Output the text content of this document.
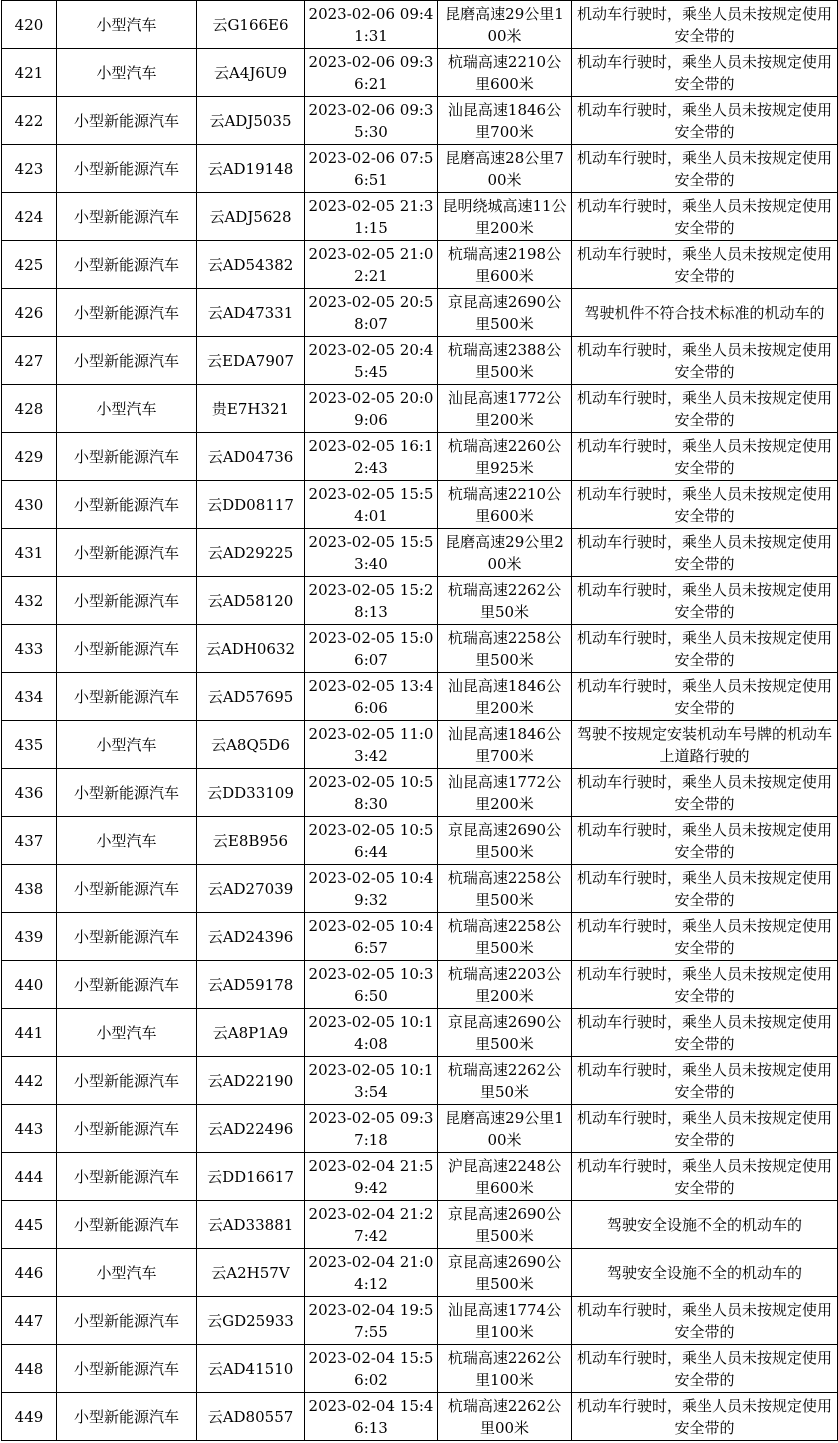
420	小型汽车	云G166E6	2023-02-06 09:41:31	昆磨高速29公里100米	机动车行驶时，乘坐人员未按规定使用安全带的
421	小型汽车	云A4J6U9	2023-02-06 09:36:21	杭瑞高速2210公里600米	机动车行驶时，乘坐人员未按规定使用安全带的
422	小型新能源汽车	云ADJ5035	2023-02-06 09:35:30	汕昆高速1846公里700米	机动车行驶时，乘坐人员未按规定使用安全带的
423	小型新能源汽车	云AD19148	2023-02-06 07:56:51	昆磨高速28公里700米	机动车行驶时，乘坐人员未按规定使用安全带的
424	小型新能源汽车	云ADJ5628	2023-02-05 21:31:15	昆明绕城高速11公里200米	机动车行驶时，乘坐人员未按规定使用安全带的
425	小型新能源汽车	云AD54382	2023-02-05 21:02:21	杭瑞高速2198公里600米	机动车行驶时，乘坐人员未按规定使用安全带的
426	小型新能源汽车	云AD47331	2023-02-05 20:58:07	京昆高速2690公里500米	驾驶机件不符合技术标准的机动车的
427	小型新能源汽车	云EDA7907	2023-02-05 20:45:45	杭瑞高速2388公里500米	机动车行驶时，乘坐人员未按规定使用安全带的
428	小型汽车	贵E7H321	2023-02-05 20:09:06	汕昆高速1772公里200米	机动车行驶时，乘坐人员未按规定使用安全带的
429	小型新能源汽车	云AD04736	2023-02-05 16:12:43	杭瑞高速2260公里925米	机动车行驶时，乘坐人员未按规定使用安全带的
430	小型新能源汽车	云DD08117	2023-02-05 15:54:01	杭瑞高速2210公里600米	机动车行驶时，乘坐人员未按规定使用安全带的
431	小型新能源汽车	云AD29225	2023-02-05 15:53:40	昆磨高速29公里200米	机动车行驶时，乘坐人员未按规定使用安全带的
432	小型新能源汽车	云AD58120	2023-02-05 15:28:13	杭瑞高速2262公里50米	机动车行驶时，乘坐人员未按规定使用安全带的
433	小型新能源汽车	云ADH0632	2023-02-05 15:06:07	杭瑞高速2258公里500米	机动车行驶时，乘坐人员未按规定使用安全带的
434	小型新能源汽车	云AD57695	2023-02-05 13:46:06	汕昆高速1846公里200米	机动车行驶时，乘坐人员未按规定使用安全带的
435	小型汽车	云A8Q5D6	2023-02-05 11:03:42	汕昆高速1846公里700米	驾驶不按规定安装机动车号牌的机动车上道路行驶的
436	小型新能源汽车	云DD33109	2023-02-05 10:58:30	汕昆高速1772公里200米	机动车行驶时，乘坐人员未按规定使用安全带的
437	小型汽车	云E8B956	2023-02-05 10:56:44	京昆高速2690公里500米	机动车行驶时，乘坐人员未按规定使用安全带的
438	小型新能源汽车	云AD27039	2023-02-05 10:49:32	杭瑞高速2258公里500米	机动车行驶时，乘坐人员未按规定使用安全带的
439	小型新能源汽车	云AD24396	2023-02-05 10:46:57	杭瑞高速2258公里500米	机动车行驶时，乘坐人员未按规定使用安全带的
440	小型新能源汽车	云AD59178	2023-02-05 10:36:50	杭瑞高速2203公里200米	机动车行驶时，乘坐人员未按规定使用安全带的
441	小型汽车	云A8P1A9	2023-02-05 10:14:08	京昆高速2690公里500米	机动车行驶时，乘坐人员未按规定使用安全带的
442	小型新能源汽车	云AD22190	2023-02-05 10:13:54	杭瑞高速2262公里50米	机动车行驶时，乘坐人员未按规定使用安全带的
443	小型新能源汽车	云AD22496	2023-02-05 09:37:18	昆磨高速29公里100米	机动车行驶时，乘坐人员未按规定使用安全带的
444	小型新能源汽车	云DD16617	2023-02-04 21:59:42	沪昆高速2248公里600米	机动车行驶时，乘坐人员未按规定使用安全带的
445	小型新能源汽车	云AD33881	2023-02-04 21:27:42	京昆高速2690公里500米	驾驶安全设施不全的机动车的
446	小型汽车	云A2H57V	2023-02-04 21:04:12	京昆高速2690公里500米	驾驶安全设施不全的机动车的
447	小型新能源汽车	云GD25933	2023-02-04 19:57:55	汕昆高速1774公里100米	机动车行驶时，乘坐人员未按规定使用安全带的
448	小型新能源汽车	云AD41510	2023-02-04 15:56:02	杭瑞高速2262公里100米	机动车行驶时，乘坐人员未按规定使用安全带的
449	小型新能源汽车	云AD80557	2023-02-04 15:46:13	杭瑞高速2262公里00米	机动车行驶时，乘坐人员未按规定使用安全带的
